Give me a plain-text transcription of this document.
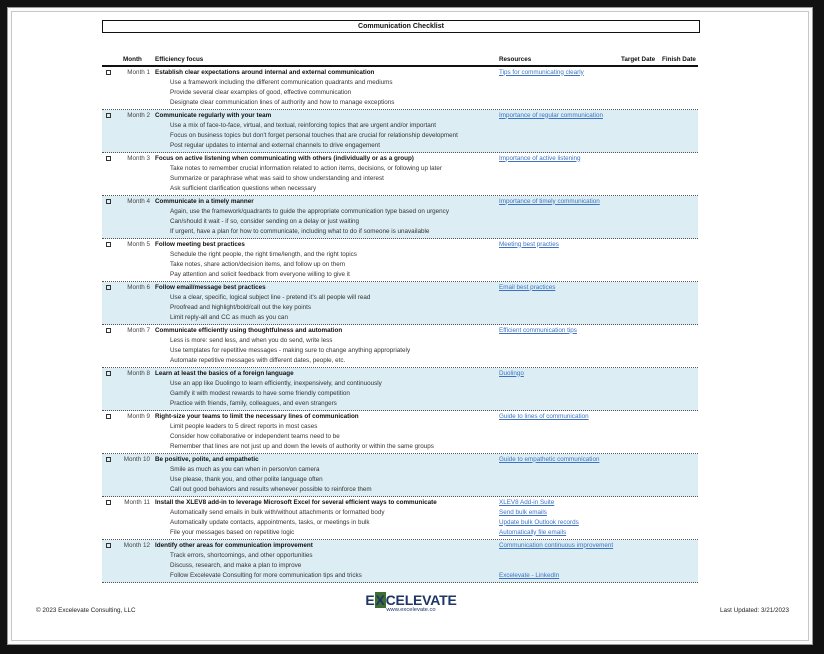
Communication Checklist
Month Efficiency focus	Resources	Target Date Finish Date
Month 1 Establish clear expectations around internal and external communication
Use a framework including the different communication quadrants and mediums
Provide several clear examples of good, effective communication
Designate clear communication lines of authority and how to manage exceptions
Tips for communicating clearly
Month 2 Communicate regularly with your team
Use a mix of face-to-face, virtual, and textual, reinforcing topics that are urgent and/or important
Focus on business topics but don't forget personal touches that are crucial for relationship development
Post regular updates to internal and external channels to drive engagement
Importance of regular communication
Month 3 Focus on active listening when communicating with others (individually or as a group)
Take notes to remember crucial information related to action items, decisions, or following up later
Summarize or paraphrase what was said to show understanding and interest
Ask sufficient clarification questions when necessary
Importance of active listening
Month 4 Communicate in a timely manner
Again, use the framework/quadrants to guide the appropriate communication type based on urgency
Can/should it wait - if so, consider sending on a delay or just waiting
If urgent, have a plan for how to communicate, including what to do if someone is unavailable
Importance of timely communication
Month 5 Follow meeting best practices
Schedule the right people, the right time/length, and the right topics
Take notes, share action/decision items, and follow up on them
Pay attention and solicit feedback from everyone willing to give it
Meeting best practies
Month 6 Follow email/message best practices
Use a clear, specific, logical subject line - pretend it's all people will read
Proofread and highlight/bold/call out the key points
Limit reply-all and CC as much as you can
Email best practices
Month 7 Communicate efficiently using thoughtfulness and automation
Less is more: send less, and when you do send, write less
Use templates for repetitive messages - making sure to change anything appropriately
Automate repetitive messages with different dates, people, etc.
Efficient communication tips
Month 8 Learn at least the basics of a foreign language
Use an app like Duolingo to learn efficiently, inexpensively, and continuously
Gamify it with modest rewards to have some friendly competition
Practice with friends, family, colleagues, and even strangers
Duolingo
Month 9 Right-size your teams to limit the necessary lines of communication
Limit people leaders to 5 direct reports in most cases
Consider how collaborative or independent teams need to be
Remember that lines are not just up and down the levels of authority or within the same groups
Guide to lines of communication
Month 10 Be positive, polite, and empathetic
Smile as much as you can when in person/on camera
Use please, thank you, and other polite language often
Call out good behaviors and results whenever possible to reinforce them
Guide to empathetic communication
Month 11 Install the XLEV8 add-in to leverage Microsoft Excel for several efficient ways to communicate
Automatically send emails in bulk with/without attachments or formatted body
Automatically update contacts, appointments, tasks, or meetings in bulk
File your messages based on repetitive logic
XLEV8 Add-in Suite
Send bulk emails
Update bulk Outlook records
Automatically file emails
Month 12 Identify other areas for communication improvement
Track errors, shortcomings, and other opportunities
Discuss, research, and make a plan to improve
Follow Excelevate Consulting for more communication tips and tricks
Communication continuous improvement
Excelevate - LinkedIn
© 2023 Excelevate Consulting, LLC
EXCELEVATE
www.excelevate.co	Last Updated: 3/21/2023
